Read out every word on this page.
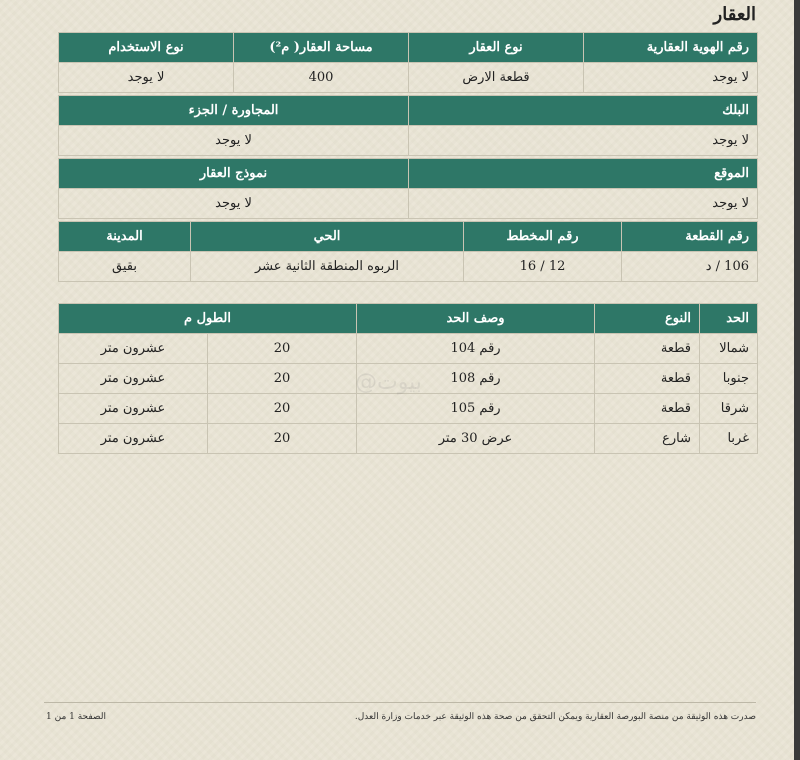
العقار
رقم الهوية العقارية	نوع العقار	مساحة العقار( م²)	نوع الاستخدام
لا يوجد	قطعة الارض	400	لا يوجد
البلك	المجاورة / الجزء
لا يوجد	لا يوجد
الموقع	نموذج العقار
لا يوجد	لا يوجد
رقم القطعة	رقم المخطط	الحي	المدينة
106 / د	12 / 16	الربوه المنطقة الثانية عشر	بقيق
الحد	النوع	وصف الحد	الطول م	
شمالا	قطعة	رقم 104	20	عشرون متر
جنوبا	قطعة	رقم 108	20	عشرون متر
شرقا	قطعة	رقم 105	20	عشرون متر
غربا	شارع	عرض 30 متر	20	عشرون متر
بيوت@
صدرت هذه الوثيقة من منصة البورصة العقارية ويمكن التحقق من صحة هذه الوثيقة عبر خدمات وزارة العدل.
الصفحة 1 من 1
